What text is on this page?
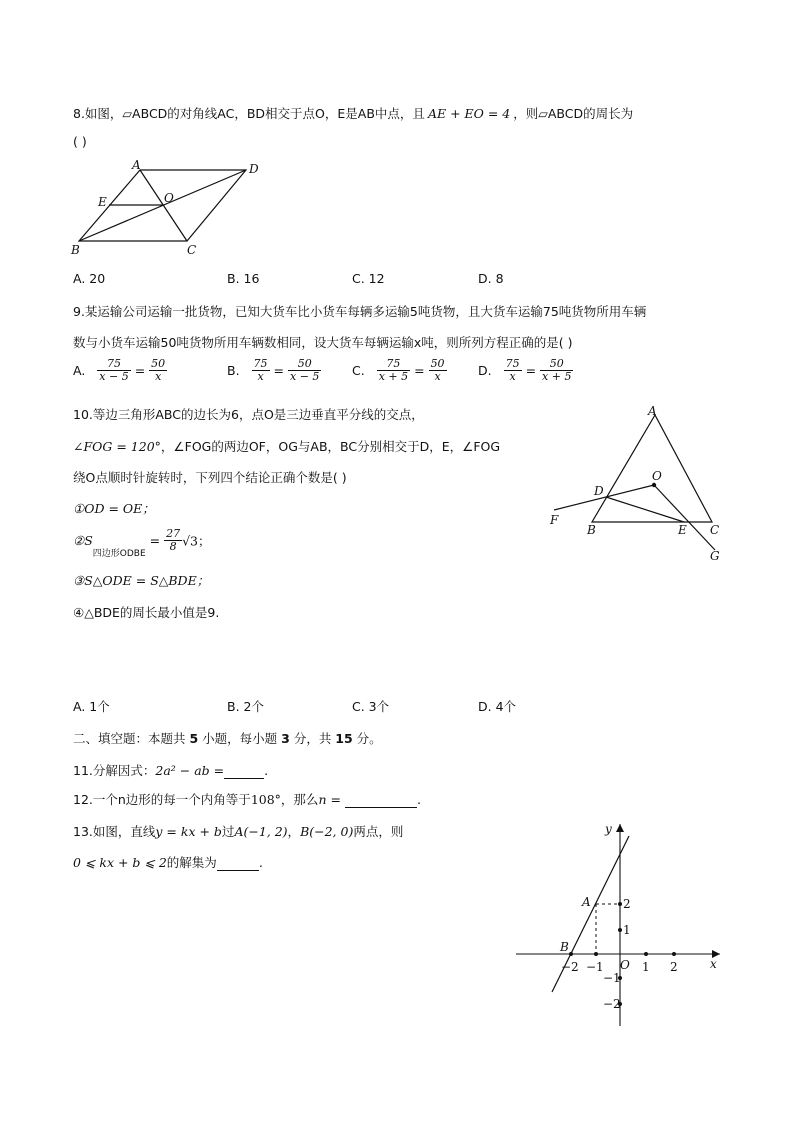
8.如图，▱ABCD的对角线AC，BD相交于点O，E是AB中点，且 AE + EO = 4 ，则▱ABCD的周长为
( )
A	D
E	O
B	C
A. 20	B. 16	C. 12	D. 8
9.某运输公司运输一批货物，已知大货车比小货车每辆多运输5吨货物，且大货车运输75吨货物所用车辆
数与小货车运输50吨货物所用车辆数相同，设大货车每辆运输x吨，则所列方程正确的是( )
A. $\frac{75}{x - 5} = \frac{50}{x}$	B. $\frac{75}{x} = \frac{50}{x - 5} C$. $\frac{75}{x + 5} = \frac{50}{x}$	D. $\frac{75}{x} = \frac{50}{x + 5}$
10.等边三角形ABC的边长为6，点O是三边垂直平分线的交点，
∠FOG = 120°，∠FOG的两边OF，OG与AB，BC分别相交于D，E，∠FOG
绕O点顺时针旋转时，下列四个结论正确个数是( )
①OD = OE；
$②S_{四边形ODBE} = \frac{27}{8} √3$；
③S△ODE = S△BDE；
④△BDE的周长最小值是9.
A
O
D
F
B	E C
G
A. 1个	B. 2个	C. 3个	D. 4个
二、填空题：本题共 5 小题，每小题 3 分，共 15 分。
11.分解因式：2a² − ab =	.
12.一个n边形的每一个内角等于108°，那么n =	.
13.如图，直线y = kx + b过A(−1, 2)，B(−2, 0)两点，则
0 ⩽ kx + b ⩽ 2的解集为	.
y
x
O
A
B
−2 −1	1 2
2
1
−1
−2
